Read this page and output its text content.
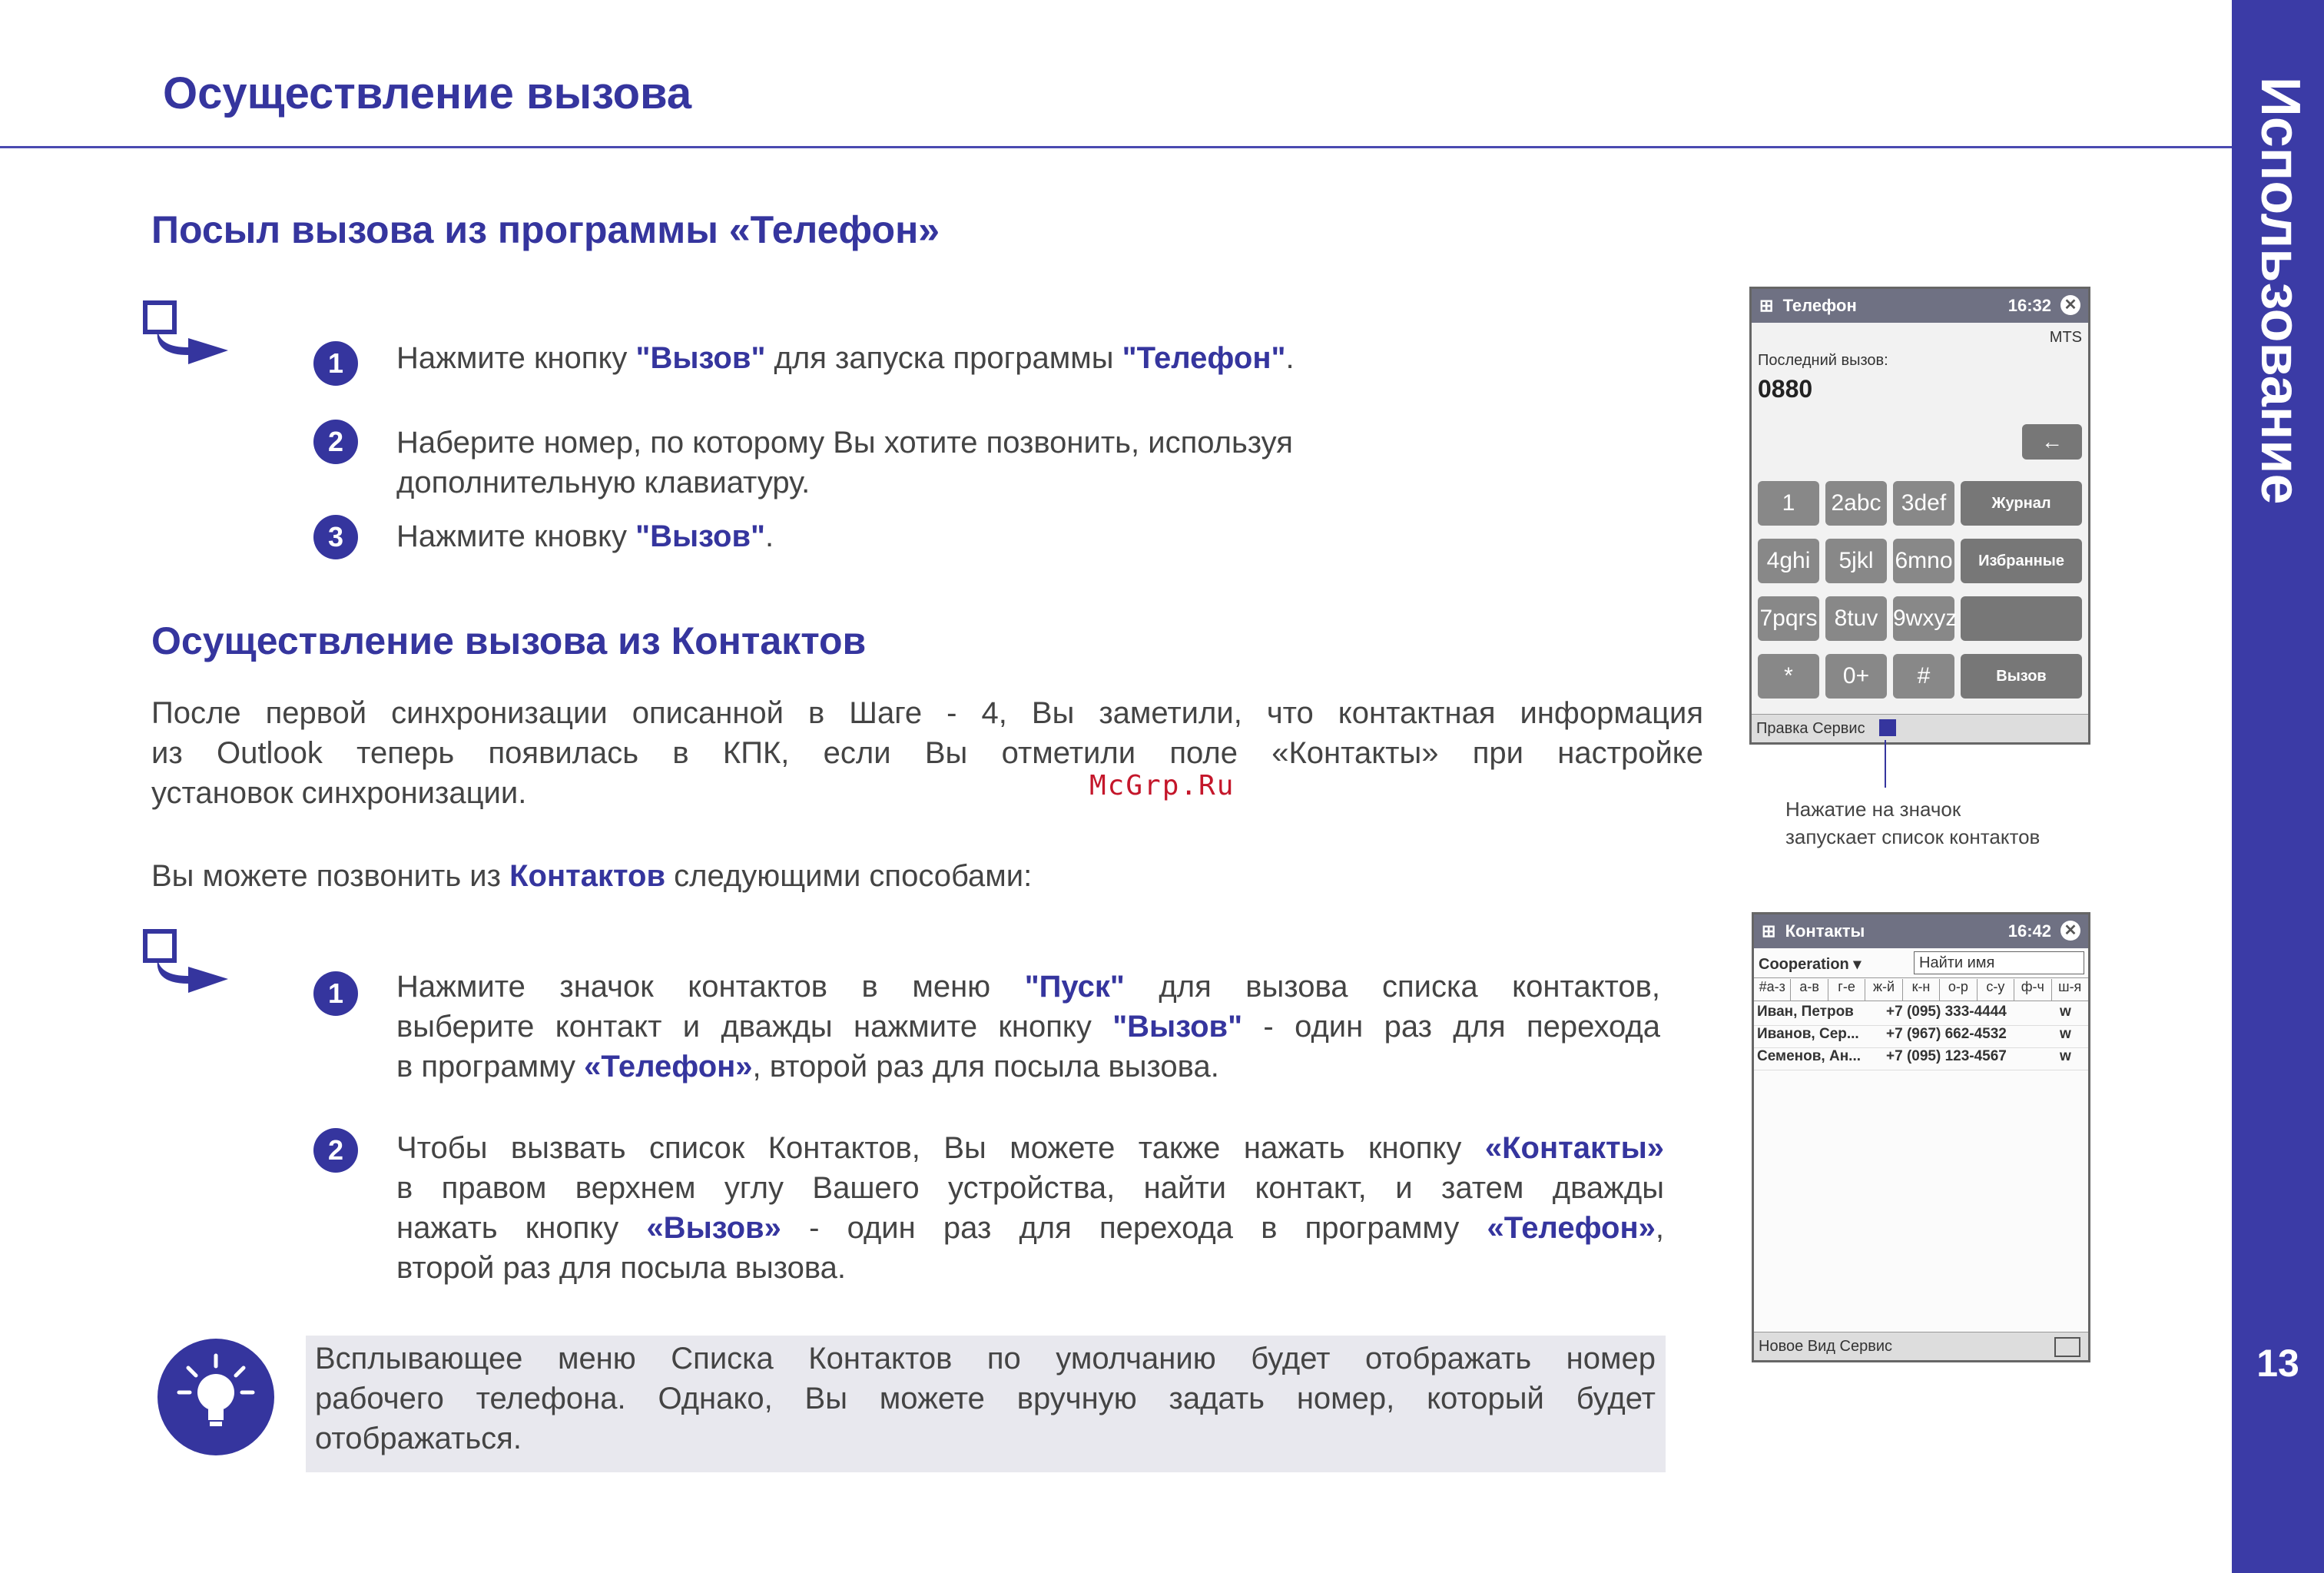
Осуществление вызова	Использование
13
Посыл вызова из программы «Телефон»
1	Нажмите кнопку "Вызов" для запуска программы "Телефон".
2	Наберите номер, по которому Вы хотите позвонить, используя
дополнительную клавиатуру.
3	Нажмите кновку "Вызов".
Осуществление вызова из Контактов
После первой синхронизации описанной в Шаге - 4, Вы заметили, что контактная информация
из Outlook теперь появилась в КПК, если Вы отметили поле «Контакты» при настройке
установок синхронизации.
Вы можете позвонить из Контактов следующими способами:
1	Нажмите значок контактов в меню "Пуск" для вызова списка контактов,
выберите контакт и дважды нажмите кнопку "Вызов" - один раз для перехода
в программу «Телефон», второй раз для посыла вызова.
2	Чтобы вызвать список Контактов, Вы можете также нажать кнопку «Контакты»
в правом верхнем углу Вашего устройства, найти контакт, и затем дважды
нажать кнопку «Вызов» - один раз для перехода в программу «Телефон»,
второй раз для посыла вызова.
Всплывающее меню Списка Контактов по умолчанию будет отображать номер
рабочего телефона. Однако, Вы можете вручную задать номер, который будет
отображаться.
McGrp.Ru
⊞ Телефон	16:32 ✕
MTS
Последний вызов:
0880
←
1	2abc 3def	Журнал
4ghi	5jkl 6mno	Избранные
7pqrs 8tuv 9wxyz
*	0+	#	Вызов
Правка Сервис
Нажатие на значок
запускает список контактов
⊞ Контакты	16:42 ✕
Cooperation ▾	Найти имя
#а-з	а-в	г-е	ж-й	к-н	о-р	с-у	ф-ч	ш-я
Иван, Петров +7 (095) 333-4444	w
Иванов, Сер... +7 (967) 662-4532	w
Семенов, Ан... +7 (095) 123-4567	w
Новое Вид Сервис
